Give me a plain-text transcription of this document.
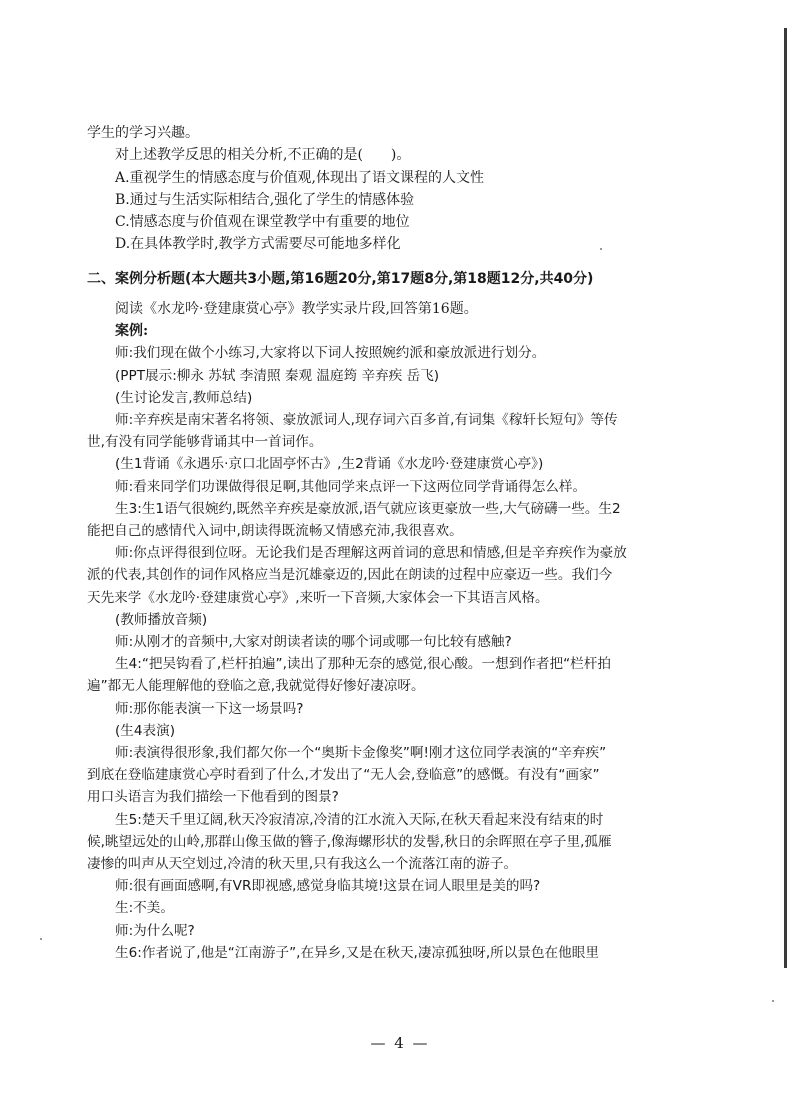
学生的学习兴趣。

对上述教学反思的相关分析,不正确的是(　　)。

A.重视学生的情感态度与价值观,体现出了语文课程的人文性

B.通过与生活实际相结合,强化了学生的情感体验

C.情感态度与价值观在课堂教学中有重要的地位

D.在具体教学时,教学方式需要尽可能地多样化

二、案例分析题(本大题共3小题,第16题20分,第17题8分,第18题12分,共40分)

阅读《水龙吟·登建康赏心亭》教学实录片段,回答第16题。

案例:

师:我们现在做个小练习,大家将以下词人按照婉约派和豪放派进行划分。

(PPT展示:柳永 苏轼 李清照 秦观 温庭筠 辛弃疾 岳飞)

(生讨论发言,教师总结)

师:辛弃疾是南宋著名将领、豪放派词人,现存词六百多首,有词集《稼轩长短句》等传

世,有没有同学能够背诵其中一首词作。

(生1背诵《永遇乐·京口北固亭怀古》,生2背诵《水龙吟·登建康赏心亭》)

师:看来同学们功课做得很足啊,其他同学来点评一下这两位同学背诵得怎么样。

生3:生1语气很婉约,既然辛弃疾是豪放派,语气就应该更豪放一些,大气磅礴一些。生2

能把自己的感情代入词中,朗读得既流畅又情感充沛,我很喜欢。

师:你点评得很到位呀。无论我们是否理解这两首词的意思和情感,但是辛弃疾作为豪放

派的代表,其创作的词作风格应当是沉雄豪迈的,因此在朗读的过程中应豪迈一些。我们今

天先来学《水龙吟·登建康赏心亭》,来听一下音频,大家体会一下其语言风格。

(教师播放音频)

师:从刚才的音频中,大家对朗读者读的哪个词或哪一句比较有感触?

生4:“把吴钩看了,栏杆拍遍”,读出了那种无奈的感觉,很心酸。一想到作者把“栏杆拍

遍”都无人能理解他的登临之意,我就觉得好惨好凄凉呀。

师:那你能表演一下这一场景吗?

(生4表演)

师:表演得很形象,我们都欠你一个“奥斯卡金像奖”啊!刚才这位同学表演的“辛弃疾”

到底在登临建康赏心亭时看到了什么,才发出了“无人会,登临意”的感慨。有没有“画家”

用口头语言为我们描绘一下他看到的图景?

生5:楚天千里辽阔,秋天冷寂清凉,冷清的江水流入天际,在秋天看起来没有结束的时

候,眺望远处的山岭,那群山像玉做的簪子,像海螺形状的发髻,秋日的余晖照在亭子里,孤雁

凄惨的叫声从天空划过,冷清的秋天里,只有我这么一个流落江南的游子。

师:很有画面感啊,有VR即视感,感觉身临其境!这景在词人眼里是美的吗?

生:不美。

师:为什么呢?

生6:作者说了,他是“江南游子”,在异乡,又是在秋天,凄凉孤独呀,所以景色在他眼里

— 4 —
